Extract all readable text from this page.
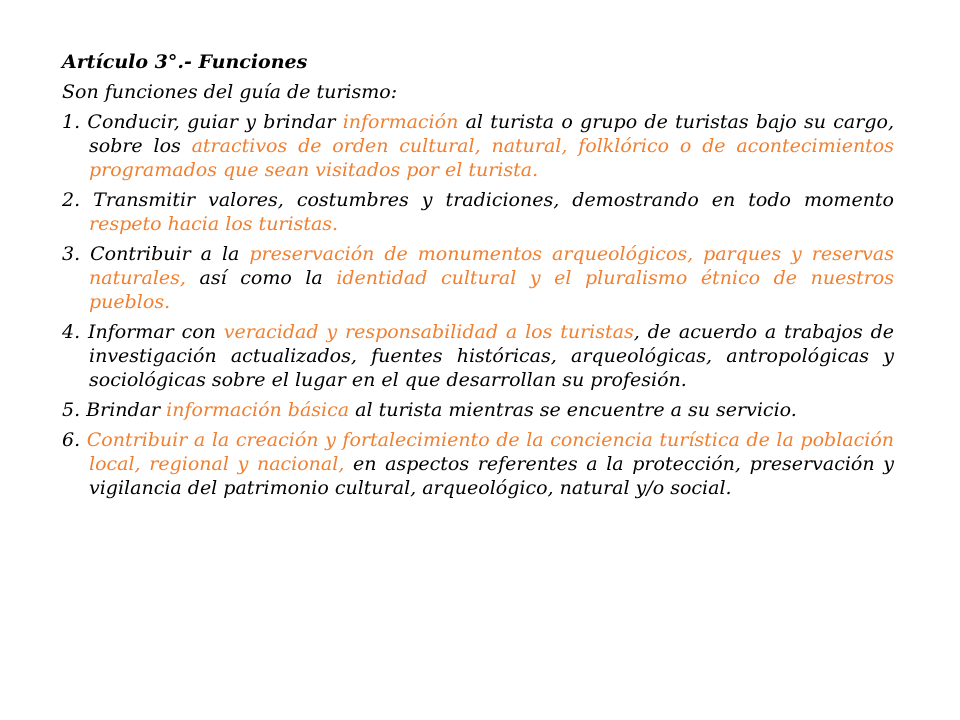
Artículo 3°.- Funciones

Son funciones del guía de turismo:

1. Conducir, guiar y brindar información al turista o grupo de turistas bajo su cargo, sobre los atractivos de orden cultural, natural, folklórico o de acontecimientos programados que sean visitados por el turista.

2. Transmitir valores, costumbres y tradiciones, demostrando en todo momento respeto hacia los turistas.

3. Contribuir a la preservación de monumentos arqueológicos, parques y reservas naturales, así como la identidad cultural y el pluralismo étnico de nuestros pueblos.

4. Informar con veracidad y responsabilidad a los turistas, de acuerdo a trabajos de investigación actualizados, fuentes históricas, arqueológicas, antropológicas y sociológicas sobre el lugar en el que desarrollan su profesión.

5. Brindar información básica al turista mientras se encuentre a su servicio.

6. Contribuir a la creación y fortalecimiento de la conciencia turística de la población local, regional y nacional, en aspectos referentes a la protección, preservación y vigilancia del patrimonio cultural, arqueológico, natural y/o social.
